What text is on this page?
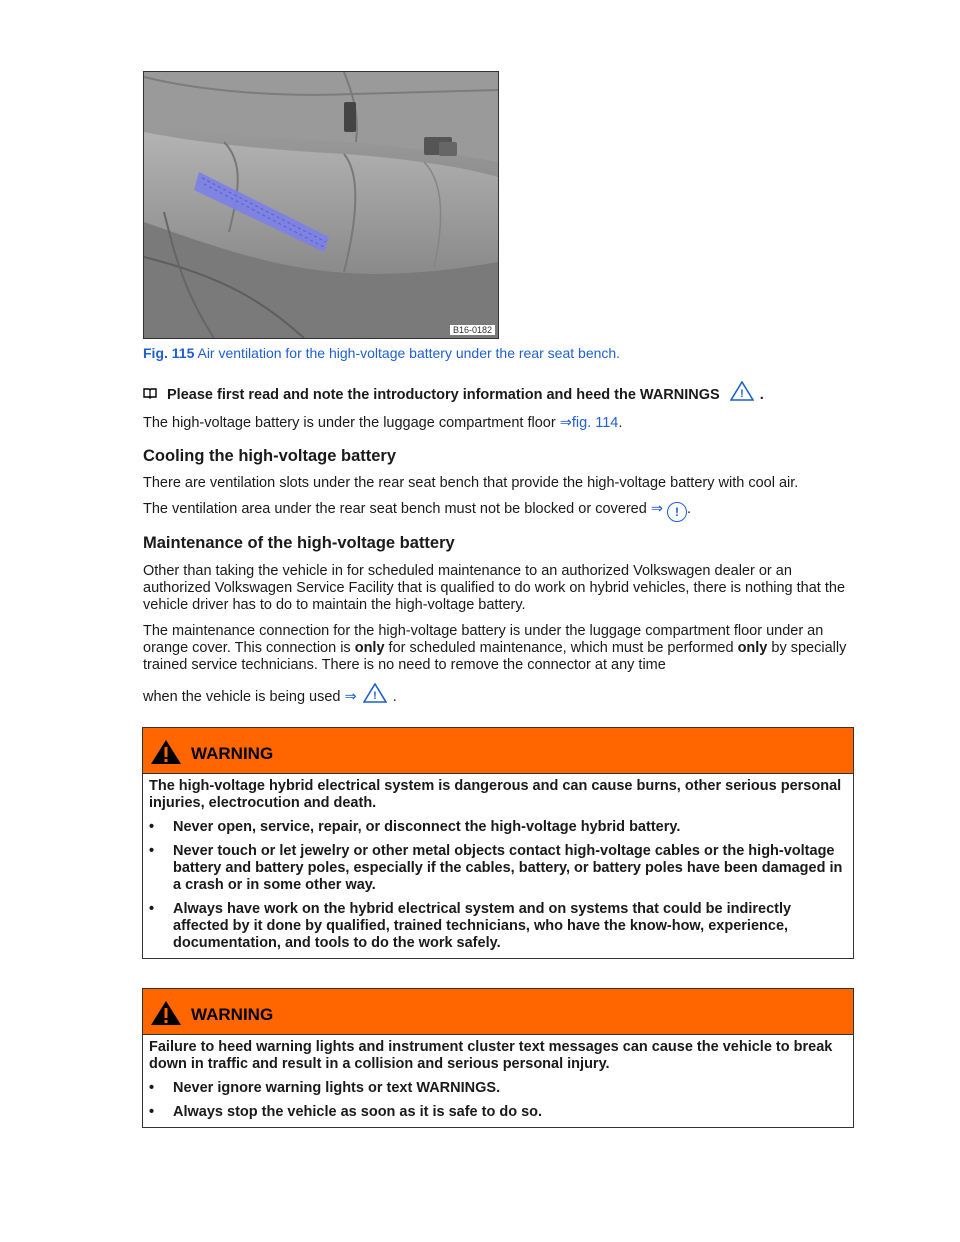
B16-0182
Fig. 115 Air ventilation for the high-voltage battery under the rear seat bench.
Please first read and note the introductory information and heed the WARNINGS ! .
The high-voltage battery is under the luggage compartment floor ⇒fig. 114.
Cooling the high-voltage battery
There are ventilation slots under the rear seat bench that provide the high-voltage battery with cool air.
The ventilation area under the rear seat bench must not be blocked or covered ⇒ ! .
Maintenance of the high-voltage battery
Other than taking the vehicle in for scheduled maintenance to an authorized Volkswagen dealer or an authorized Volkswagen Service Facility that is qualified to do work on hybrid vehicles, there is nothing that the vehicle driver has to do to maintain the high-voltage battery.
The maintenance connection for the high-voltage battery is under the luggage compartment floor under an orange cover. This connection is only for scheduled maintenance, which must be performed only by specially trained service technicians. There is no need to remove the connector at any time
when the vehicle is being used ⇒ ! .
WARNING

The high-voltage hybrid electrical system is dangerous and can cause burns, other serious personal injuries, electrocution and death.

•	Never open, service, repair, or disconnect the high-voltage hybrid battery.
•	Never touch or let jewelry or other metal objects contact high-voltage cables or the high-voltage battery and battery poles, especially if the cables, battery, or battery poles have been damaged in a crash or in some other way.
•	Always have work on the hybrid electrical system and on systems that could be indirectly affected by it done by qualified, trained technicians, who have the know-how, experience, documentation, and tools to do the work safely.
WARNING

Failure to heed warning lights and instrument cluster text messages can cause the vehicle to break down in traffic and result in a collision and serious personal injury.

•	Never ignore warning lights or text WARNINGS.
•	Always stop the vehicle as soon as it is safe to do so.
